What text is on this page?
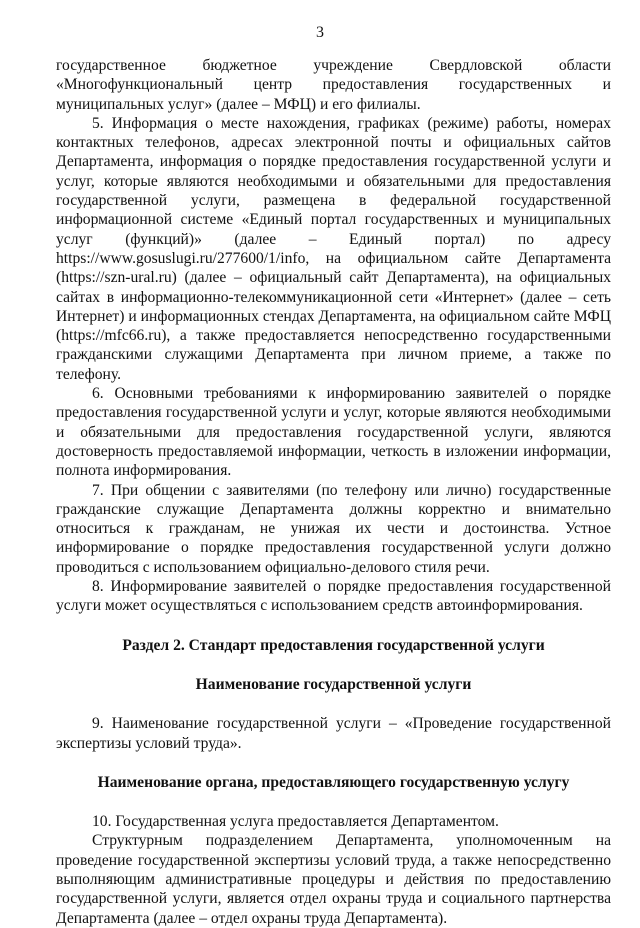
3

государственное бюджетное учреждение Свердловской области «Многофункциональный центр предоставления государственных и муниципальных услуг» (далее – МФЦ) и его филиалы.

5. Информация о месте нахождения, графиках (режиме) работы, номерах контактных телефонов, адресах электронной почты и официальных сайтов Департамента, информация о порядке предоставления государственной услуги и услуг, которые являются необходимыми и обязательными для предоставления государственной услуги, размещена в федеральной государственной информационной системе «Единый портал государственных и муниципальных услуг (функций)» (далее – Единый портал) по адресу https://www.gosuslugi.ru/277600/1/info, на официальном сайте Департамента (https://szn-ural.ru) (далее – официальный сайт Департамента), на официальных сайтах в информационно-телекоммуникационной сети «Интернет» (далее – сеть Интернет) и информационных стендах Департамента, на официальном сайте МФЦ (https://mfc66.ru), а также предоставляется непосредственно государственными гражданскими служащими Департамента при личном приеме, а также по телефону.

6. Основными требованиями к информированию заявителей о порядке предоставления государственной услуги и услуг, которые являются необходимыми и обязательными для предоставления государственной услуги, являются достоверность предоставляемой информации, четкость в изложении информации, полнота информирования.

7. При общении с заявителями (по телефону или лично) государственные гражданские служащие Департамента должны корректно и внимательно относиться к гражданам, не унижая их чести и достоинства. Устное информирование о порядке предоставления государственной услуги должно проводиться с использованием официально-делового стиля речи.

8. Информирование заявителей о порядке предоставления государственной услуги может осуществляться с использованием средств автоинформирования.

Раздел 2. Стандарт предоставления государственной услуги

Наименование государственной услуги

9. Наименование государственной услуги – «Проведение государственной экспертизы условий труда».

Наименование органа, предоставляющего государственную услугу

10. Государственная услуга предоставляется Департаментом.

Структурным подразделением Департамента, уполномоченным на проведение государственной экспертизы условий труда, а также непосредственно выполняющим административные процедуры и действия по предоставлению государственной услуги, является отдел охраны труда и социального партнерства Департамента (далее – отдел охраны труда Департамента).
